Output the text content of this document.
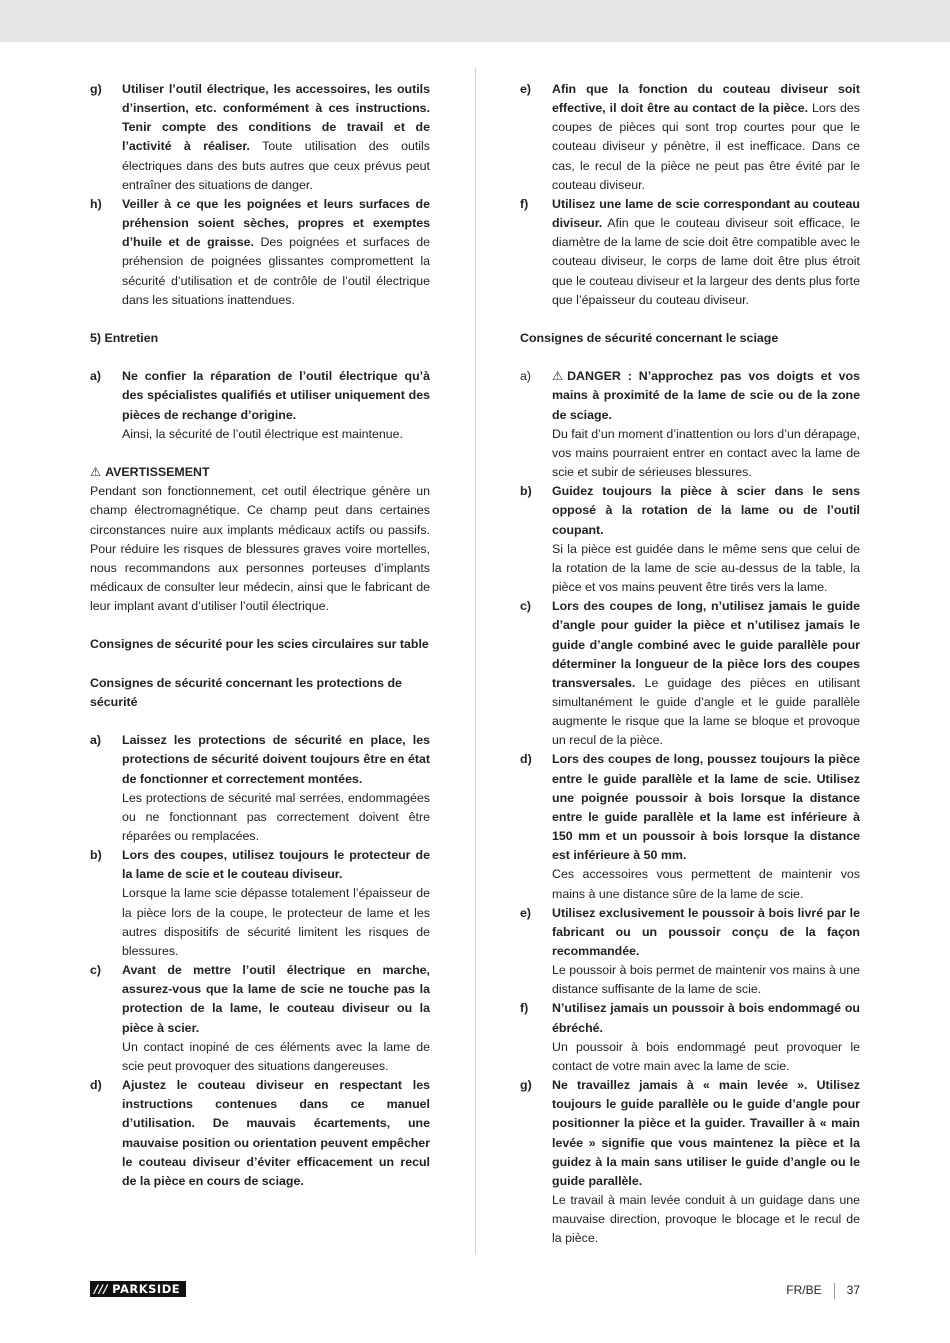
g)	Utiliser l’outil électrique, les accessoires, les outils d’insertion, etc. conformément à ces instructions. Tenir compte des conditions de travail et de l’activité à réaliser. Toute utilisation des outils électriques dans des buts autres que ceux prévus peut entraîner des situations de danger.
h)	Veiller à ce que les poignées et leurs surfaces de préhension soient sèches, propres et exemptes d’huile et de graisse. Des poignées et surfaces de préhension de poignées glissantes compromettent la sécurité d’utilisation et de contrôle de l’outil électrique dans les situations inattendues.
5) Entretien
a)	Ne confier la réparation de l’outil électrique qu’à des spécialistes qualifiés et utiliser uniquement des pièces de rechange d’origine.
Ainsi, la sécurité de l’outil électrique est maintenue.
⚠ AVERTISSEMENT

Pendant son fonctionnement, cet outil électrique génère un champ électromagnétique. Ce champ peut dans certaines circonstances nuire aux implants médicaux actifs ou passifs. Pour réduire les risques de blessures graves voire mortelles, nous recommandons aux personnes porteuses d’implants médicaux de consulter leur médecin, ainsi que le fabricant de leur implant avant d’utiliser l’outil électrique.

Consignes de sécurité pour les scies circulaires sur table
Consignes de sécurité concernant les protections de sécurité
a)	Laissez les protections de sécurité en place, les protections de sécurité doivent toujours être en état de fonctionner et correctement montées.
Les protections de sécurité mal serrées, endommagées ou ne fonctionnant pas correctement doivent être réparées ou remplacées.
b)	Lors des coupes, utilisez toujours le protecteur de la lame de scie et le couteau diviseur.
Lorsque la lame scie dépasse totalement l’épaisseur de la pièce lors de la coupe, le protecteur de lame et les autres dispositifs de sécurité limitent les risques de blessures.
c)	Avant de mettre l’outil électrique en marche, assurez-vous que la lame de scie ne touche pas la protection de la lame, le couteau diviseur ou la pièce à scier.
Un contact inopiné de ces éléments avec la lame de scie peut provoquer des situations dangereuses.
d)	Ajustez le couteau diviseur en respectant les instructions contenues dans ce manuel d’utilisation. De mauvais écartements, une mauvaise position ou orientation peuvent empêcher le couteau diviseur d’éviter efficacement un recul de la pièce en cours de sciage.
e)	Afin que la fonction du couteau diviseur soit effective, il doit être au contact de la pièce. Lors des coupes de pièces qui sont trop courtes pour que le couteau diviseur y pénètre, il est inefficace. Dans ce cas, le recul de la pièce ne peut pas être évité par le couteau diviseur.
f)	Utilisez une lame de scie correspondant au couteau diviseur. Afin que le couteau diviseur soit efficace, le diamètre de la lame de scie doit être compatible avec le couteau diviseur, le corps de lame doit être plus étroit que le couteau diviseur et la largeur des dents plus forte que l’épaisseur du couteau diviseur.
Consignes de sécurité concernant le sciage
a)	⚠ DANGER : N’approchez pas vos doigts et vos mains à proximité de la lame de scie ou de la zone de sciage.
Du fait d’un moment d’inattention ou lors d’un dérapage, vos mains pourraient entrer en contact avec la lame de scie et subir de sérieuses blessures.
b)	Guidez toujours la pièce à scier dans le sens opposé à la rotation de la lame ou de l’outil coupant.
Si la pièce est guidée dans le même sens que celui de la rotation de la lame de scie au-dessus de la table, la pièce et vos mains peuvent être tirés vers la lame.
c)	Lors des coupes de long, n’utilisez jamais le guide d’angle pour guider la pièce et n’utilisez jamais le guide d’angle combiné avec le guide parallèle pour déterminer la longueur de la pièce lors des coupes transversales. Le guidage des pièces en utilisant simultanément le guide d’angle et le guide parallèle augmente le risque que la lame se bloque et provoque un recul de la pièce.
d)	Lors des coupes de long, poussez toujours la pièce entre le guide parallèle et la lame de scie. Utilisez une poignée poussoir à bois lorsque la distance entre le guide parallèle et la lame est inférieure à 150 mm et un poussoir à bois lorsque la distance est inférieure à 50 mm.
Ces accessoires vous permettent de maintenir vos mains à une distance sûre de la lame de scie.
e)	Utilisez exclusivement le poussoir à bois livré par le fabricant ou un poussoir conçu de la façon recommandée.
Le poussoir à bois permet de maintenir vos mains à une distance suffisante de la lame de scie.
f)	N’utilisez jamais un poussoir à bois endommagé ou ébréché.
Un poussoir à bois endommagé peut provoquer le contact de votre main avec la lame de scie.
g)	Ne travaillez jamais à « main levée ». Utilisez toujours le guide parallèle ou le guide d’angle pour positionner la pièce et la guider. Travailler à « main levée » signifie que vous maintenez la pièce et la guidez à la main sans utiliser le guide d’angle ou le guide parallèle.
Le travail à main levée conduit à un guidage dans une mauvaise direction, provoque le blocage et le recul de la pièce.
/// PARKSIDE	FR/BE 37
